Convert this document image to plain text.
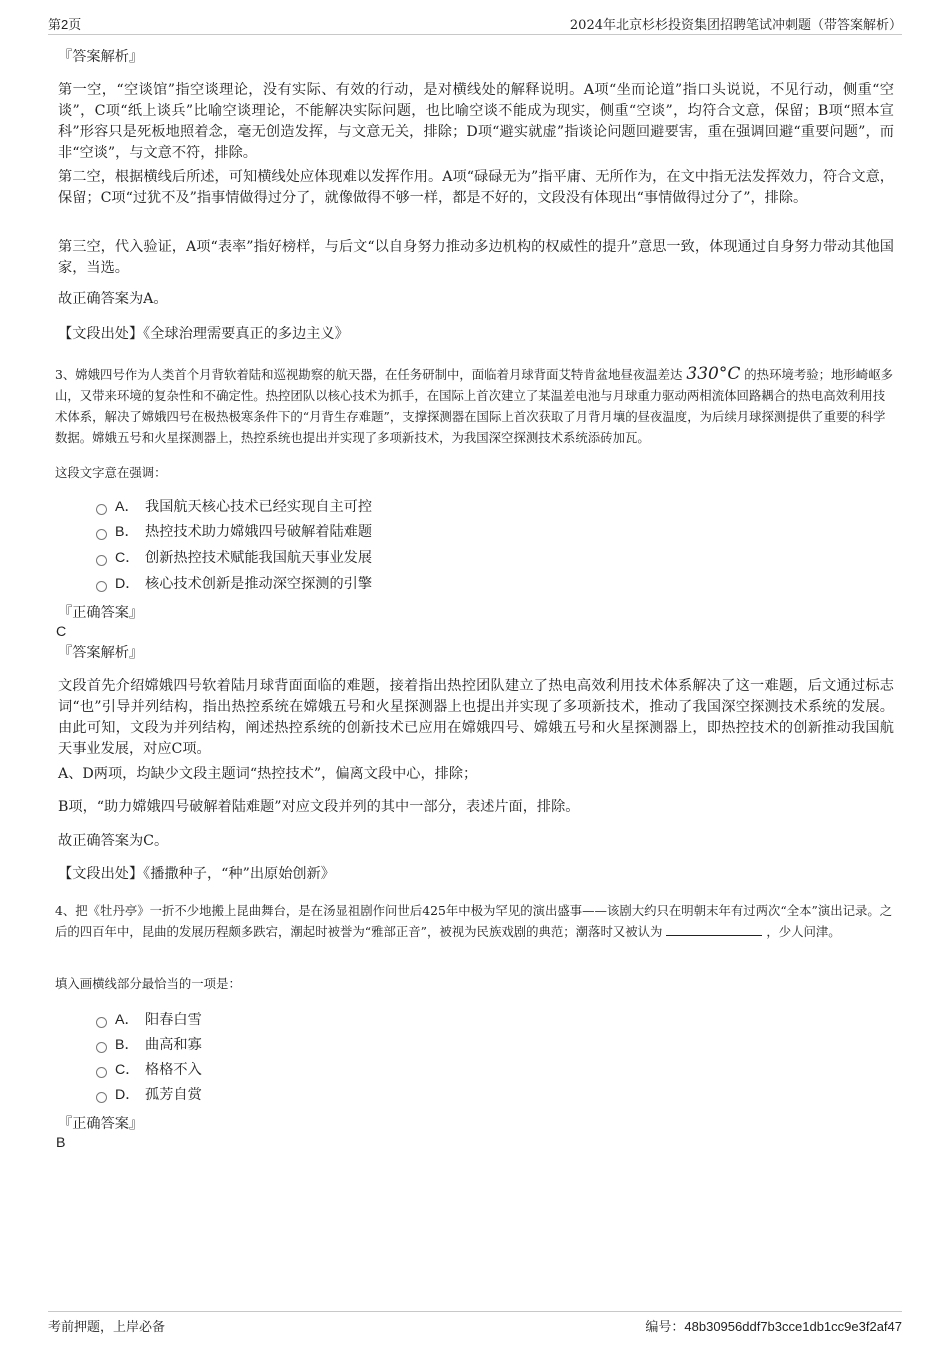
第2页	2024年北京杉杉投资集团招聘笔试冲刺题（带答案解析）
『答案解析』

第一空，“空谈馆”指空谈理论，没有实际、有效的行动，是对横线处的解释说明。A项“坐而论道”指口头说说，不见行动，侧重“空谈”，C项“纸上谈兵”比喻空谈理论，不能解决实际问题，也比喻空谈不能成为现实，侧重“空谈”，均符合文意，保留；B项“照本宣科”形容只是死板地照着念，毫无创造发挥，与文意无关，排除；D项“避实就虚”指谈论问题回避要害，重在强调回避“重要问题”，而非“空谈”，与文意不符，排除。

第二空，根据横线后所述，可知横线处应体现难以发挥作用。A项“碌碌无为”指平庸、无所作为，在文中指无法发挥效力，符合文意，保留；C项“过犹不及”指事情做得过分了，就像做得不够一样，都是不好的，文段没有体现出“事情做得过分了”，排除。

第三空，代入验证，A项“表率”指好榜样，与后文“以自身努力推动多边机构的权威性的提升”意思一致，体现通过自身努力带动其他国家，当选。

故正确答案为A。
【文段出处】《全球治理需要真正的多边主义》

3、嫦娥四号作为人类首个月背软着陆和巡视勘察的航天器，在任务研制中，面临着月球背面艾特肯盆地昼夜温差达 330°C 的热环境考验；地形崎岖多山，又带来环境的复杂性和不确定性。热控团队以核心技术为抓手，在国际上首次建立了某温差电池与月球重力驱动两相流体回路耦合的热电高效利用技术体系，解决了嫦娥四号在极热极寒条件下的“月背生存难题”，支撑探测器在国际上首次获取了月背月壤的昼夜温度，为后续月球探测提供了重要的科学数据。嫦娥五号和火星探测器上，热控系统也提出并实现了多项新技术，为我国深空探测技术系统添砖加瓦。

这段文字意在强调：
A． 我国航天核心技术已经实现自主可控
B． 热控技术助力嫦娥四号破解着陆难题
C． 创新热控技术赋能我国航天事业发展
D． 核心技术创新是推动深空探测的引擎
『正确答案』
C
『答案解析』

文段首先介绍嫦娥四号软着陆月球背面面临的难题，接着指出热控团队建立了热电高效利用技术体系解决了这一难题，后文通过标志词“也”引导并列结构，指出热控系统在嫦娥五号和火星探测器上也提出并实现了多项新技术，推动了我国深空探测技术系统的发展。由此可知，文段为并列结构，阐述热控系统的创新技术已应用在嫦娥四号、嫦娥五号和火星探测器上，即热控技术的创新推动我国航天事业发展，对应C项。

A、D两项，均缺少文段主题词“热控技术”，偏离文段中心，排除；
B项，“助力嫦娥四号破解着陆难题”对应文段并列的其中一部分，表述片面，排除。
故正确答案为C。
【文段出处】《播撒种子，“种”出原始创新》

4、把《牡丹亭》一折不少地搬上昆曲舞台，是在汤显祖剧作问世后425年中极为罕见的演出盛事——该剧大约只在明朝末年有过两次“全本”演出记录。之后的四百年中，昆曲的发展历程颇多跌宕，潮起时被誉为“雅部正音”，被视为民族戏剧的典范；潮落时又被认为	，少人问津。

填入画横线部分最恰当的一项是：
A． 阳春白雪
B． 曲高和寡
C． 格格不入
D． 孤芳自赏
『正确答案』
B
考前押题，上岸必备	编号：48b30956ddf7b3cce1db1cc9e3f2af47
